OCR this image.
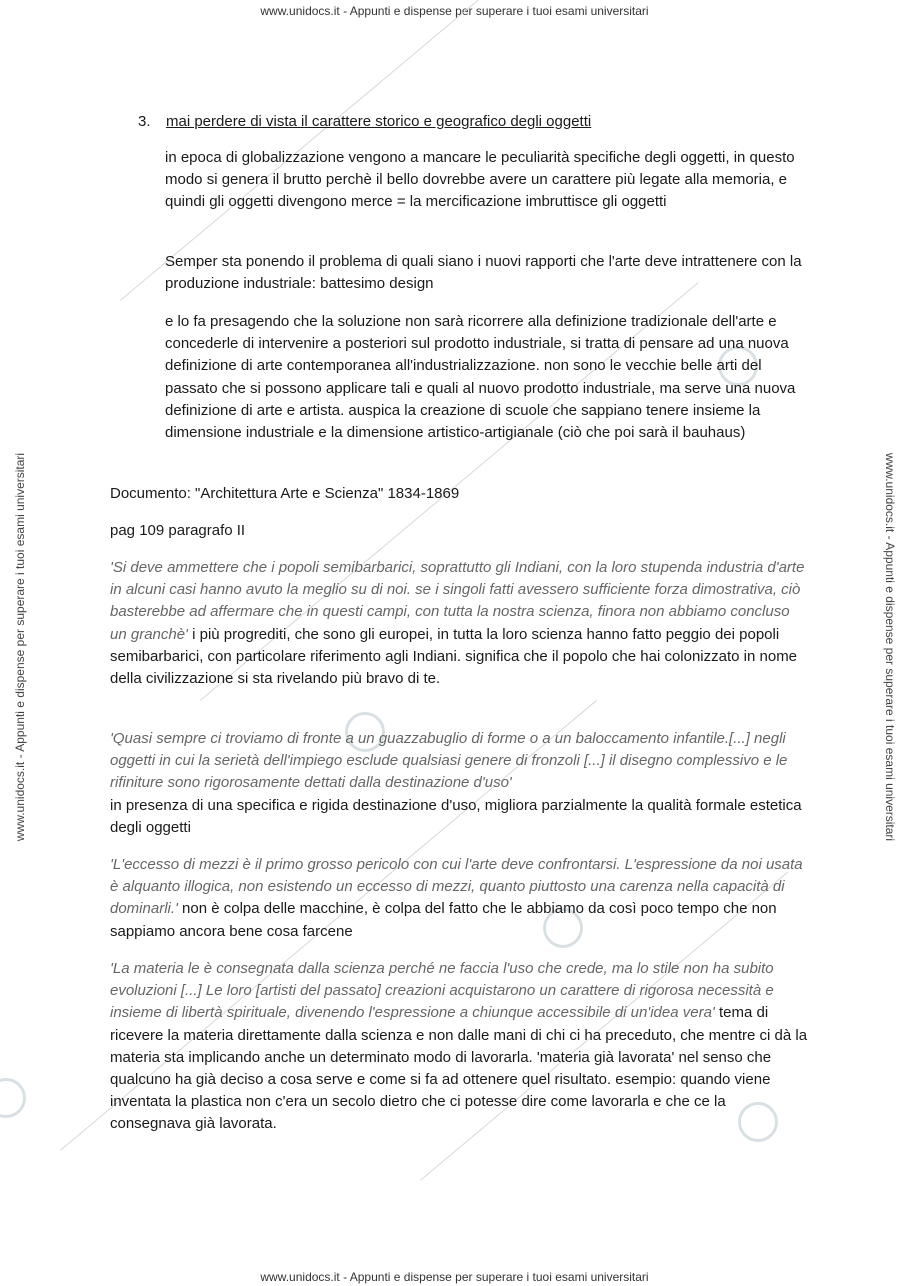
www.unidocs.it - Appunti e dispense per superare i tuoi esami universitari
www.unidocs.it - Appunti e dispense per superare i tuoi esami universitari
www.unidocs.it - Appunti e dispense per superare i tuoi esami universitari	www.unidocs.it - Appunti e dispense per superare i tuoi esami universitari
3. mai perdere di vista il carattere storico e geografico degli oggetti
in epoca di globalizzazione vengono a mancare le peculiarità specifiche degli oggetti, in questo modo si genera il brutto perchè il bello dovrebbe avere un carattere più legate alla memoria, e quindi gli oggetti divengono merce = la mercificazione imbruttisce gli oggetti
Semper sta ponendo il problema di quali siano i nuovi rapporti che l'arte deve intrattenere con la produzione industriale: battesimo design
e lo fa presagendo che la soluzione non sarà ricorrere alla definizione tradizionale dell'arte e concederle di intervenire a posteriori sul prodotto industriale, si tratta di pensare ad una nuova definizione di arte contemporanea all'industrializzazione. non sono le vecchie belle arti del passato che si possono applicare tali e quali al nuovo prodotto industriale, ma serve una nuova definizione di arte e artista. auspica la creazione di scuole che sappiano tenere insieme la dimensione industriale e la dimensione artistico-artigianale (ciò che poi sarà il bauhaus)
Documento: "Architettura Arte e Scienza" 1834-1869
pag 109 paragrafo II
'Si deve ammettere che i popoli semibarbarici, soprattutto gli Indiani, con la loro stupenda industria d'arte in alcuni casi hanno avuto la meglio su di noi. se i singoli fatti avessero sufficiente forza dimostrativa, ciò basterebbe ad affermare che in questi campi, con tutta la nostra scienza, finora non abbiamo concluso un granchè' i più progrediti, che sono gli europei, in tutta la loro scienza hanno fatto peggio dei popoli semibarbarici, con particolare riferimento agli Indiani. significa che il popolo che hai colonizzato in nome della civilizzazione si sta rivelando più bravo di te.
'Quasi sempre ci troviamo di fronte a un guazzabuglio di forme o a un baloccamento infantile.[...] negli oggetti in cui la serietà dell'impiego esclude qualsiasi genere di fronzoli [...] il disegno complessivo e le rifiniture sono rigorosamente dettati dalla destinazione d'uso'
in presenza di una specifica e rigida destinazione d'uso, migliora parzialmente la qualità formale estetica degli oggetti
'L'eccesso di mezzi è il primo grosso pericolo con cui l'arte deve confrontarsi. L'espressione da noi usata è alquanto illogica, non esistendo un eccesso di mezzi, quanto piuttosto una carenza nella capacità di dominarli.' non è colpa delle macchine, è colpa del fatto che le abbiamo da così poco tempo che non sappiamo ancora bene cosa farcene
'La materia le è consegnata dalla scienza perché ne faccia l'uso che crede, ma lo stile non ha subito evoluzioni [...] Le loro [artisti del passato] creazioni acquistarono un carattere di rigorosa necessità e insieme di libertà spirituale, divenendo l'espressione a chiunque accessibile di un'idea vera' tema di ricevere la materia direttamente dalla scienza e non dalle mani di chi ci ha preceduto, che mentre ci dà la materia sta implicando anche un determinato modo di lavorarla. 'materia già lavorata' nel senso che qualcuno ha già deciso a cosa serve e come si fa ad ottenere quel risultato. esempio: quando viene inventata la plastica non c'era un secolo dietro che ci potesse dire come lavorarla e che ce la consegnava già lavorata.
